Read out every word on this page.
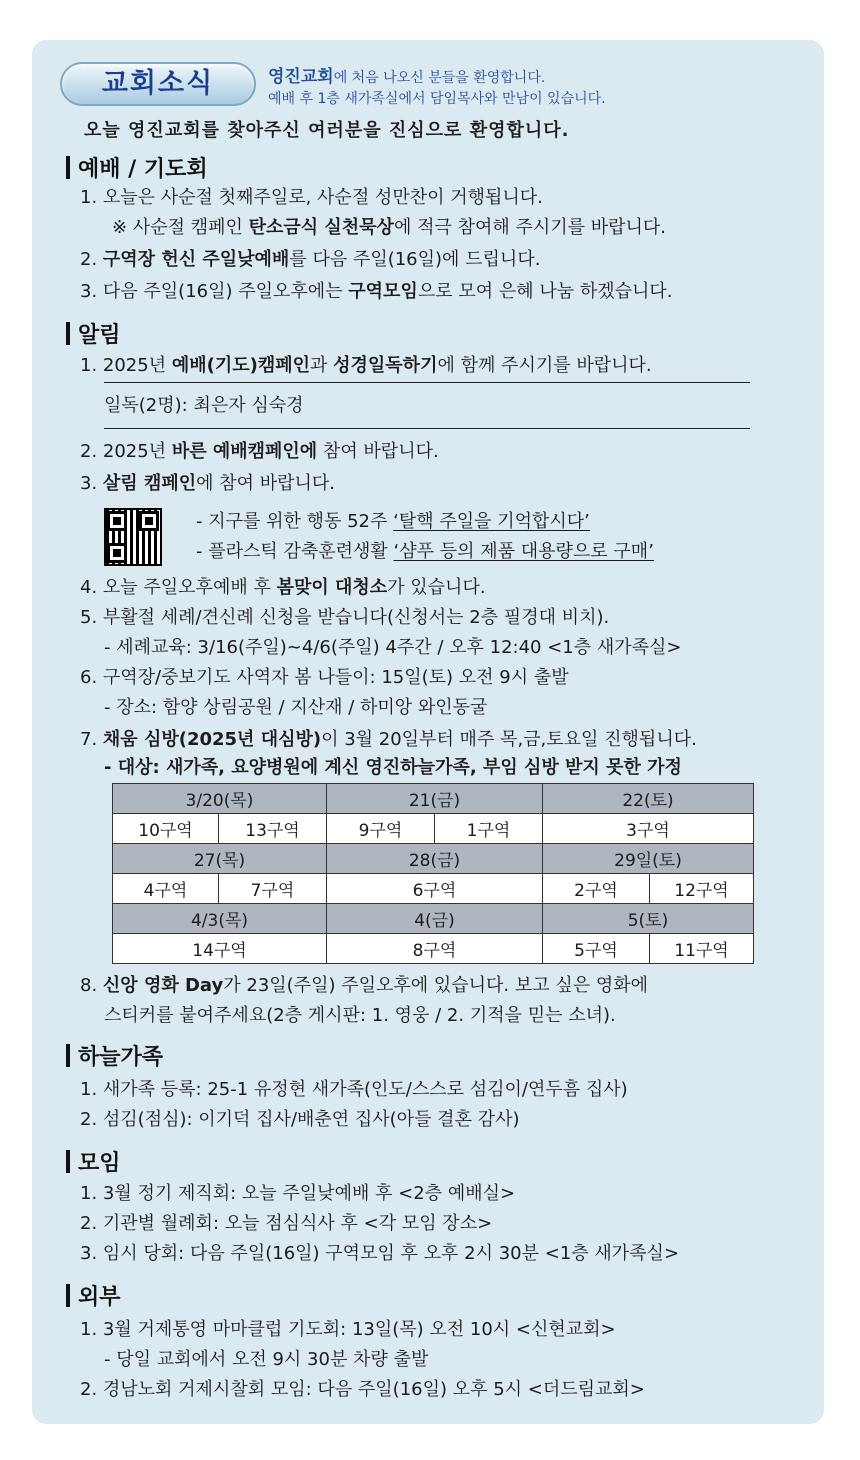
교회소식	영진교회에 처음 나오신 분들을 환영합니다.
예배 후 1층 새가족실에서 담임목사와 만남이 있습니다.
오늘 영진교회를 찾아주신 여러분을 진심으로 환영합니다.
예배 / 기도회
1. 오늘은 사순절 첫째주일로, 사순절 성만찬이 거행됩니다.
※ 사순절 캠페인 탄소금식 실천묵상에 적극 참여해 주시기를 바랍니다.
2. 구역장 헌신 주일낮예배를 다음 주일(16일)에 드립니다.
3. 다음 주일(16일) 주일오후에는 구역모임으로 모여 은혜 나눔 하겠습니다.
알림
1. 2025년 예배(기도)캠페인과 성경일독하기에 함께 주시기를 바랍니다.
일독(2명): 최은자 심숙경
2. 2025년 바른 예배캠페인에 참여 바랍니다.
3. 살림 캠페인에 참여 바랍니다.
- 지구를 위한 행동 52주 ‘탈핵 주일을 기억합시다’
- 플라스틱 감축훈련생활 ‘샴푸 등의 제품 대용량으로 구매’
4. 오늘 주일오후예배 후 봄맞이 대청소가 있습니다.
5. 부활절 세례/견신례 신청을 받습니다(신청서는 2층 필경대 비치).
- 세례교육: 3/16(주일)~4/6(주일) 4주간 / 오후 12:40 <1층 새가족실>
6. 구역장/중보기도 사역자 봄 나들이: 15일(토) 오전 9시 출발
- 장소: 함양 상림공원 / 지산재 / 하미앙 와인동굴
7. 채움 심방(2025년 대심방)이 3월 20일부터 매주 목,금,토요일 진행됩니다.
- 대상: 새가족, 요양병원에 계신 영진하늘가족, 부임 심방 받지 못한 가정
3/20(목)		21(금)		22(토)	
10구역	13구역	9구역	1구역	3구역	
27(목)		28(금)		29일(토)	
4구역	7구역	6구역		2구역	12구역
4/3(목)		4(금)		5(토)	
14구역		8구역		5구역	11구역
8. 신앙 영화 Day가 23일(주일) 주일오후에 있습니다. 보고 싶은 영화에
스티커를 붙여주세요(2층 게시판: 1. 영웅 / 2. 기적을 믿는 소녀).
하늘가족
1. 새가족 등록: 25-1 유정현 새가족(인도/스스로 섬김이/연두흠 집사)
2. 섬김(점심): 이기덕 집사/배춘연 집사(아들 결혼 감사)
모임
1. 3월 정기 제직회: 오늘 주일낮예배 후 <2층 예배실>
2. 기관별 월례회: 오늘 점심식사 후 <각 모임 장소>
3. 임시 당회: 다음 주일(16일) 구역모임 후 오후 2시 30분 <1층 새가족실>
외부
1. 3월 거제통영 마마클럽 기도회: 13일(목) 오전 10시 <신현교회>
- 당일 교회에서 오전 9시 30분 차량 출발
2. 경남노회 거제시찰회 모임: 다음 주일(16일) 오후 5시 <더드림교회>
